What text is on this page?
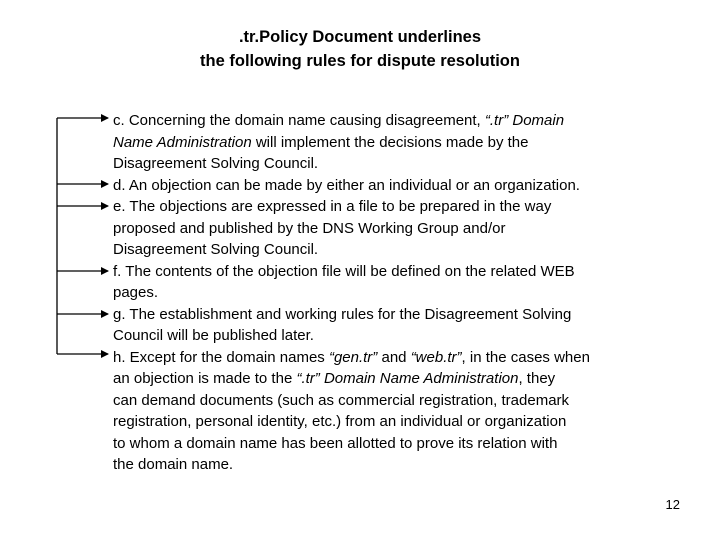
.tr.Policy Document underlines
the following rules for dispute resolution
c. Concerning the domain name causing disagreement, “.tr” Domain
Name Administration will implement the decisions made by the
Disagreement Solving Council.
d. An objection can be made by either an individual or an organization.
e. The objections are expressed in a file to be prepared in the way
proposed and published by the DNS Working Group and/or
Disagreement Solving Council.
f. The contents of the objection file will be defined on the related WEB
pages.
g. The establishment and working rules for the Disagreement Solving
Council will be published later.
h. Except for the domain names “gen.tr” and “web.tr”, in the cases when
an objection is made to the “.tr” Domain Name Administration, they
can demand documents (such as commercial registration, trademark
registration, personal identity, etc.) from an individual or organization
to whom a domain name has been allotted to prove its relation with
the domain name.
12
